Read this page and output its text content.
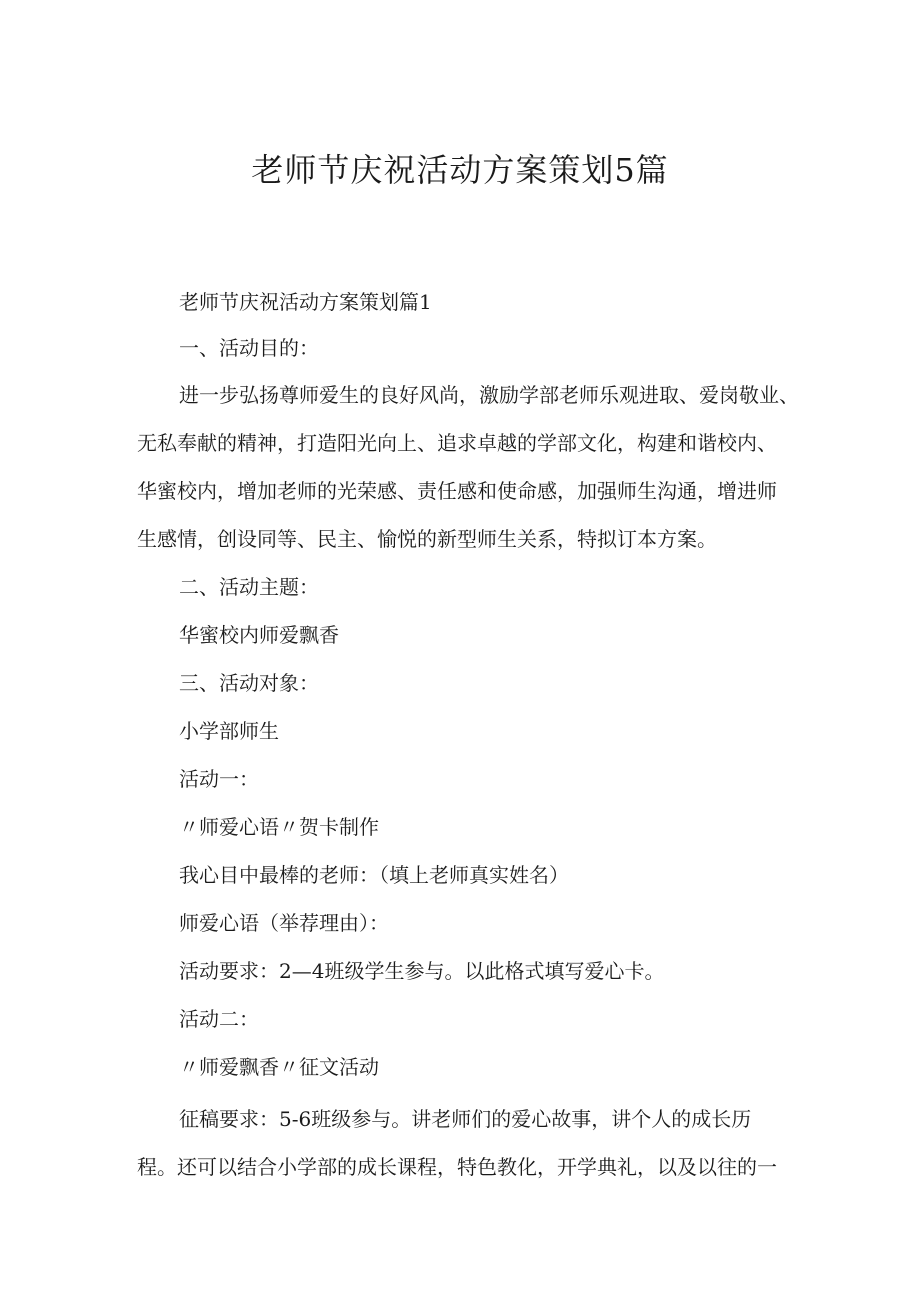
老师节庆祝活动方案策划5篇
老师节庆祝活动方案策划篇1
一、活动目的：
进一步弘扬尊师爱生的良好风尚，激励学部老师乐观进取、爱岗敬业、
无私奉献的精神，打造阳光向上、追求卓越的学部文化，构建和谐校内、
华蜜校内，增加老师的光荣感、责任感和使命感，加强师生沟通，增进师
生感情，创设同等、民主、愉悦的新型师生关系，特拟订本方案。
二、活动主题：
华蜜校内师爱飘香
三、活动对象：
小学部师生
活动一：
〃师爱心语〃贺卡制作
我心目中最棒的老师：（填上老师真实姓名）
师爱心语（举荐理由）：
活动要求：2—4班级学生参与。以此格式填写爱心卡。
活动二：
〃师爱飘香〃征文活动
征稿要求：5-6班级参与。讲老师们的爱心故事，讲个人的成长历
程。还可以结合小学部的成长课程，特色教化，开学典礼，以及以往的一
